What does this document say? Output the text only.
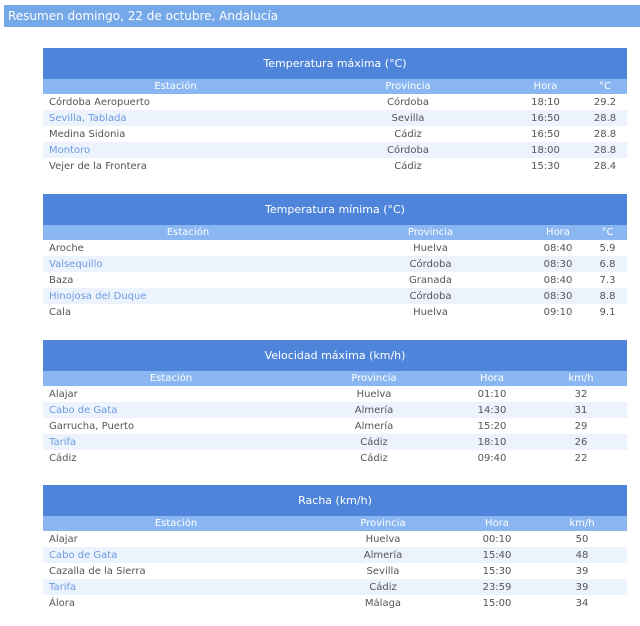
Resumen domingo, 22 de octubre, Andalucía
Temperatura máxima (°C)
Estación	Provincia	Hora	°C
Córdoba Aeropuerto	Córdoba	18:10	29.2
Sevilla, Tablada	Sevilla	16:50	28.8
Medina Sidonia	Cádiz	16:50	28.8
Montoro	Córdoba	18:00	28.8
Vejer de la Frontera	Cádiz	15:30	28.4
Temperatura mínima (°C)
Estación	Provincia	Hora	°C
Aroche	Huelva	08:40	5.9
Valsequillo	Córdoba	08:30	6.8
Baza	Granada	08:40	7.3
Hinojosa del Duque	Córdoba	08:30	8.8
Cala	Huelva	09:10	9.1
Velocidad máxima (km/h)
Estación	Provincia	Hora	km/h
Alajar	Huelva	01:10	32
Cabo de Gata	Almería	14:30	31
Garrucha, Puerto	Almería	15:20	29
Tarifa	Cádiz	18:10	26
Cádiz	Cádiz	09:40	22
Racha (km/h)
Estación	Provincia	Hora	km/h
Alajar	Huelva	00:10	50
Cabo de Gata	Almería	15:40	48
Cazalla de la Sierra	Sevilla	15:30	39
Tarifa	Cádiz	23:59	39
Álora	Málaga	15:00	34
